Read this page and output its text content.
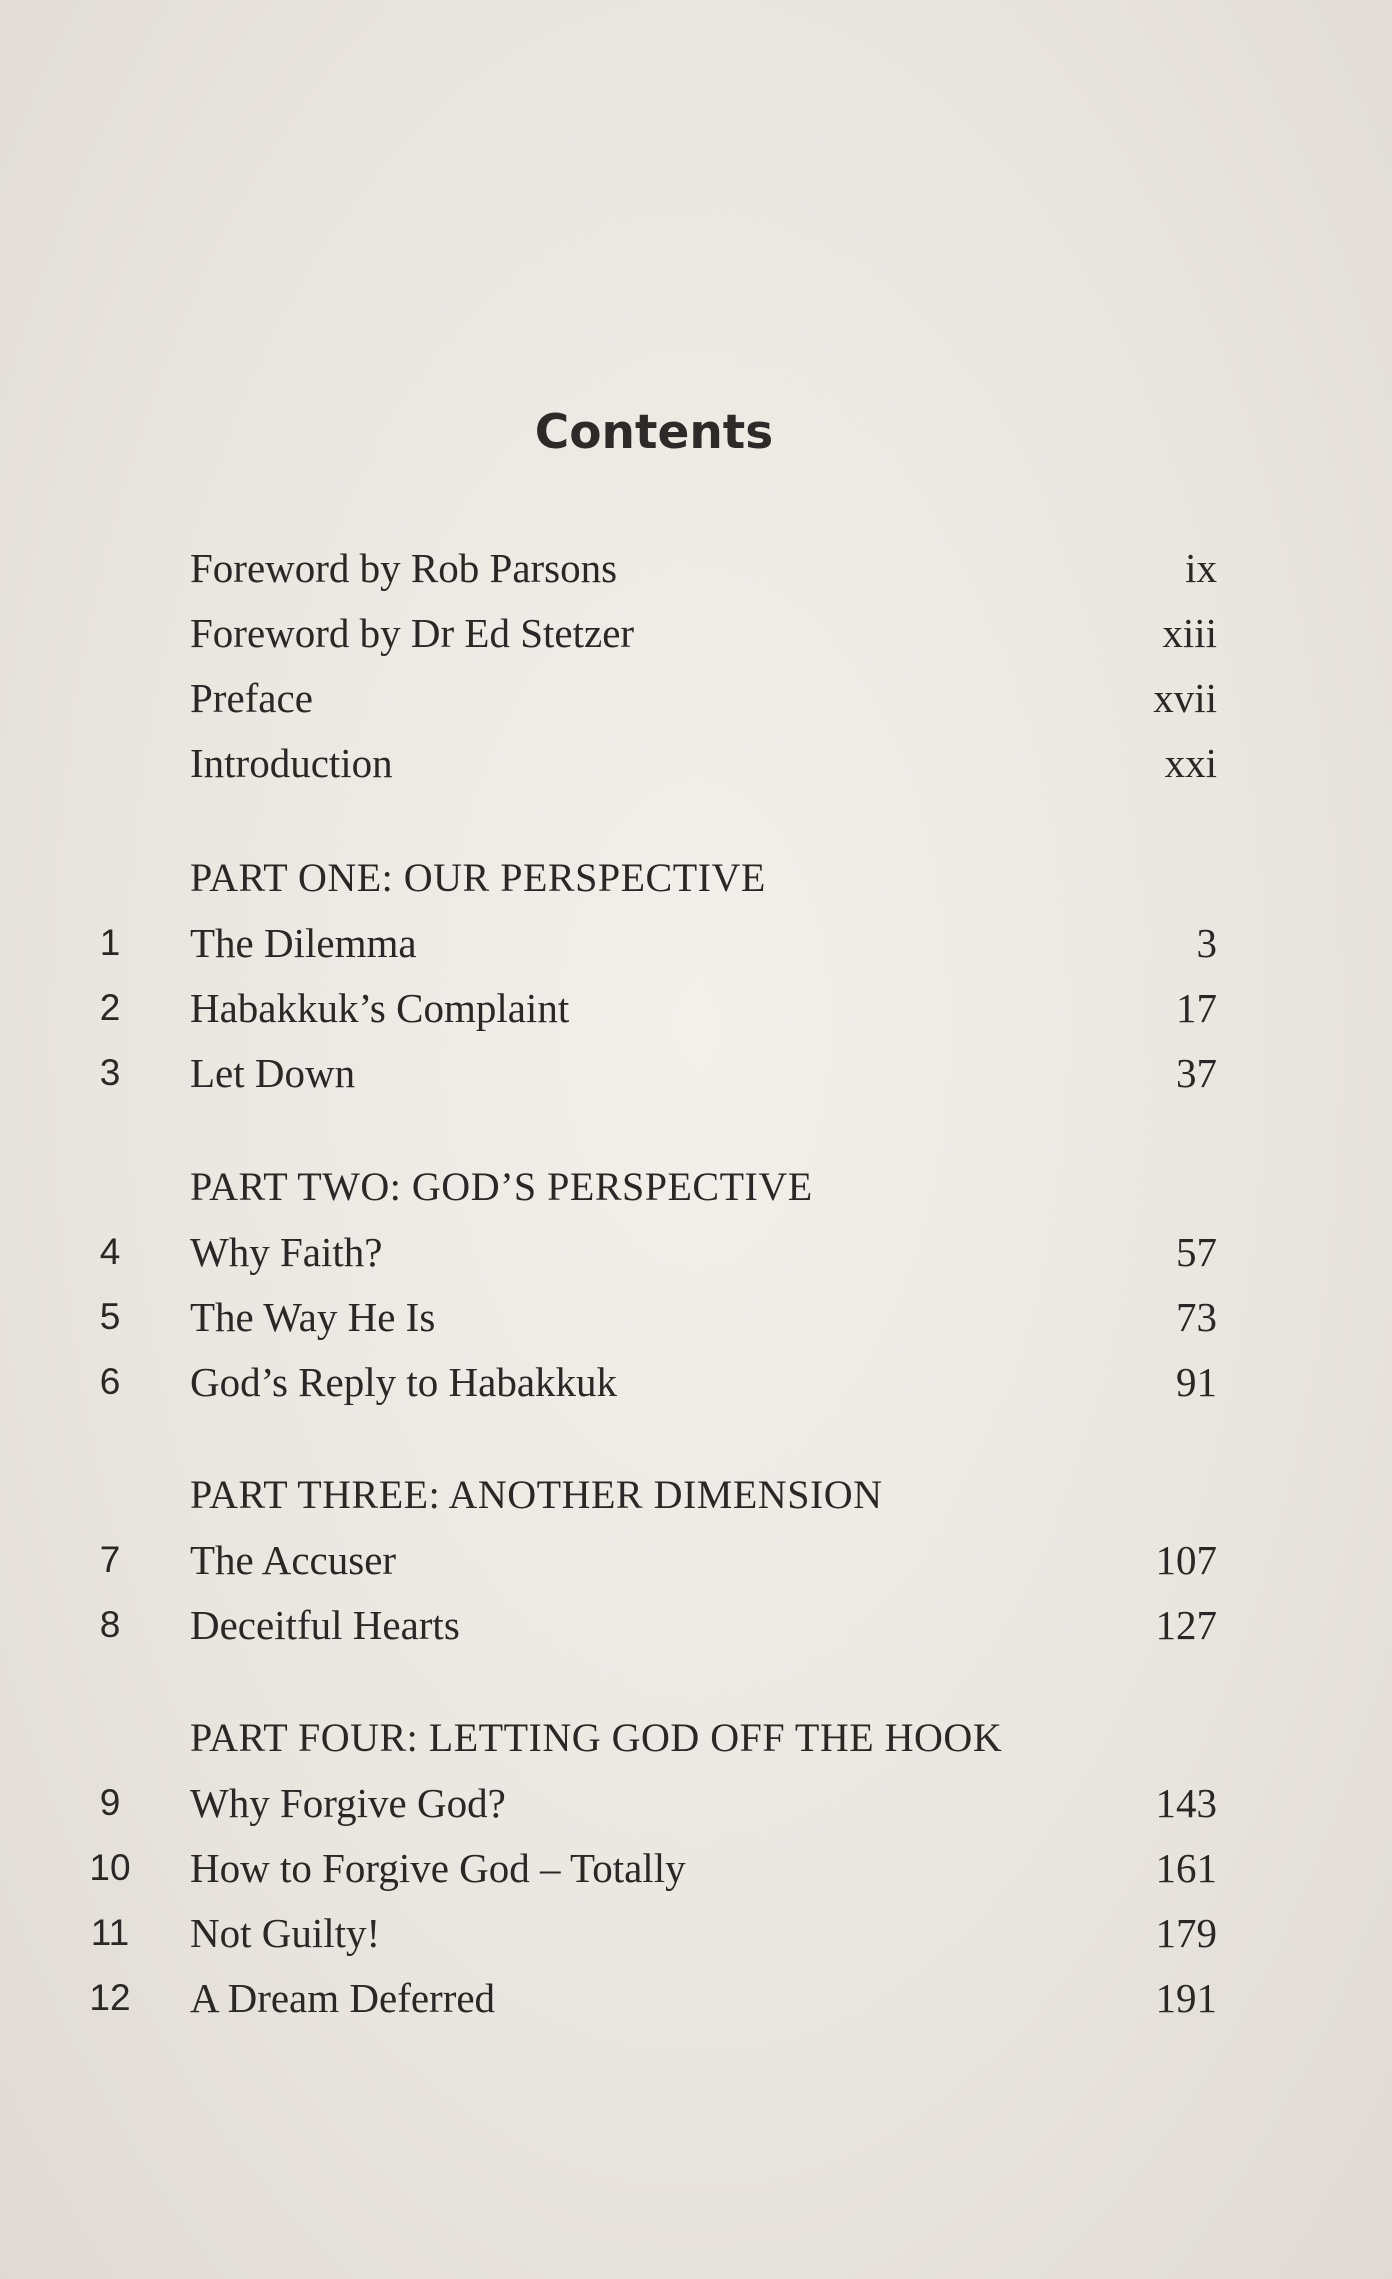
Contents
Foreword by Rob Parsons	ix
Foreword by Dr Ed Stetzer	xiii
Preface	xvii
Introduction	xxi
PART ONE: OUR PERSPECTIVE
1	The Dilemma	3
2	Habakkuk’s Complaint	17
3	Let Down	37
PART TWO: GOD’S PERSPECTIVE
4	Why Faith?	57
5	The Way He Is	73
6	God’s Reply to Habakkuk	91
PART THREE: ANOTHER DIMENSION
7	The Accuser	107
8	Deceitful Hearts	127
PART FOUR: LETTING GOD OFF THE HOOK
9	Why Forgive God?	143
10 How to Forgive God – Totally	161
11 Not Guilty!	179
12 A Dream Deferred	191
